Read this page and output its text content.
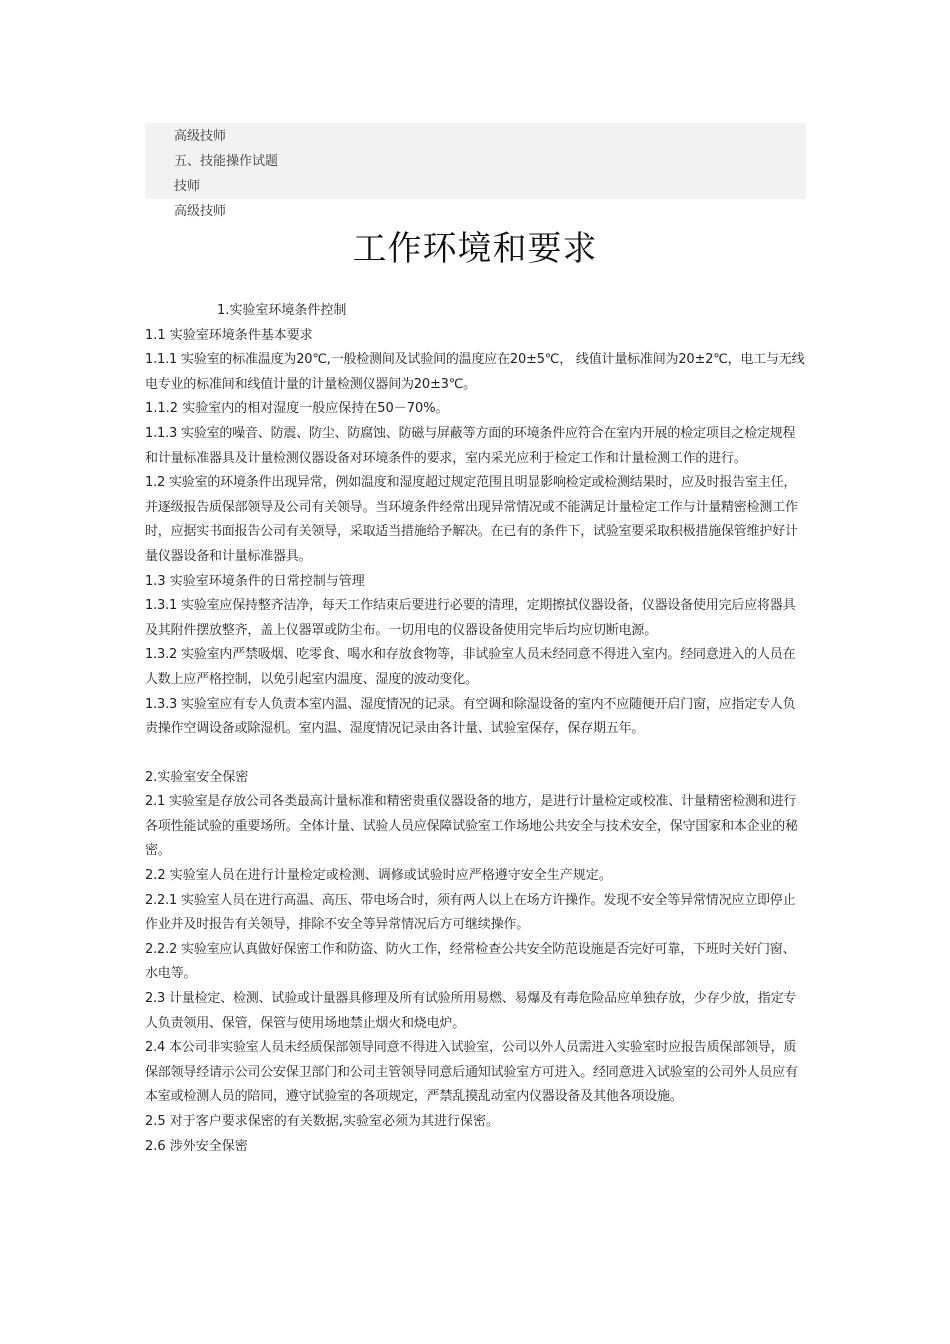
高级技师
五、技能操作试题
技师
高级技师
工作环境和要求

1.实验室环境条件控制

1.1 实验室环境条件基本要求

1.1.1 实验室的标准温度为20℃,一般检测间及试验间的温度应在20±5℃， 线值计量标准间为20±2℃，电工与无线电专业的标准间和线值计量的计量检测仪器间为20±3℃。

1.1.2 实验室内的相对湿度一般应保持在50－70%。

1.1.3 实验室的噪音、防震、防尘、防腐蚀、防磁与屏蔽等方面的环境条件应符合在室内开展的检定项目之检定规程和计量标准器具及计量检测仪器设备对环境条件的要求，室内采光应利于检定工作和计量检测工作的进行。

1.2 实验室的环境条件出现异常，例如温度和湿度超过规定范围且明显影响检定或检测结果时，应及时报告室主任，并逐级报告质保部领导及公司有关领导。当环境条件经常出现异常情况或不能满足计量检定工作与计量精密检测工作时，应据实书面报告公司有关领导，采取适当措施给予解决。在已有的条件下，试验室要采取积极措施保管维护好计量仪器设备和计量标准器具。

1.3 实验室环境条件的日常控制与管理

1.3.1 实验室应保持整齐洁净，每天工作结束后要进行必要的清理，定期擦拭仪器设备，仪器设备使用完后应将器具及其附件摆放整齐，盖上仪器罩或防尘布。一切用电的仪器设备使用完毕后均应切断电源。

1.3.2 实验室内严禁吸烟、吃零食、喝水和存放食物等，非试验室人员未经同意不得进入室内。经同意进入的人员在人数上应严格控制，以免引起室内温度、湿度的波动变化。

1.3.3 实验室应有专人负责本室内温、湿度情况的记录。有空调和除湿设备的室内不应随便开启门窗，应指定专人负责操作空调设备或除湿机。室内温、湿度情况记录由各计量、试验室保存，保存期五年。

2.实验室安全保密

2.1 实验室是存放公司各类最高计量标准和精密贵重仪器设备的地方，是进行计量检定或校准、计量精密检测和进行各项性能试验的重要场所。全体计量、试验人员应保障试验室工作场地公共安全与技术安全，保守国家和本企业的秘密。

2.2 实验室人员在进行计量检定或检测、调修或试验时应严格遵守安全生产规定。

2.2.1 实验室人员在进行高温、高压、带电场合时，须有两人以上在场方许操作。发现不安全等异常情况应立即停止作业并及时报告有关领导，排除不安全等异常情况后方可继续操作。

2.2.2 实验室应认真做好保密工作和防盗、防火工作，经常检查公共安全防范设施是否完好可靠，下班时关好门窗、水电等。

2.3 计量检定、检测、试验或计量器具修理及所有试验所用易燃、易爆及有毒危险品应单独存放，少存少放，指定专人负责领用、保管，保管与使用场地禁止烟火和烧电炉。

2.4 本公司非实验室人员未经质保部领导同意不得进入试验室，公司以外人员需进入实验室时应报告质保部领导，质保部领导经请示公司公安保卫部门和公司主管领导同意后通知试验室方可进入。经同意进入试验室的公司外人员应有本室或检测人员的陪同，遵守试验室的各项规定，严禁乱摸乱动室内仪器设备及其他各项设施。

2.5 对于客户要求保密的有关数据,实验室必须为其进行保密。

2.6 涉外安全保密
